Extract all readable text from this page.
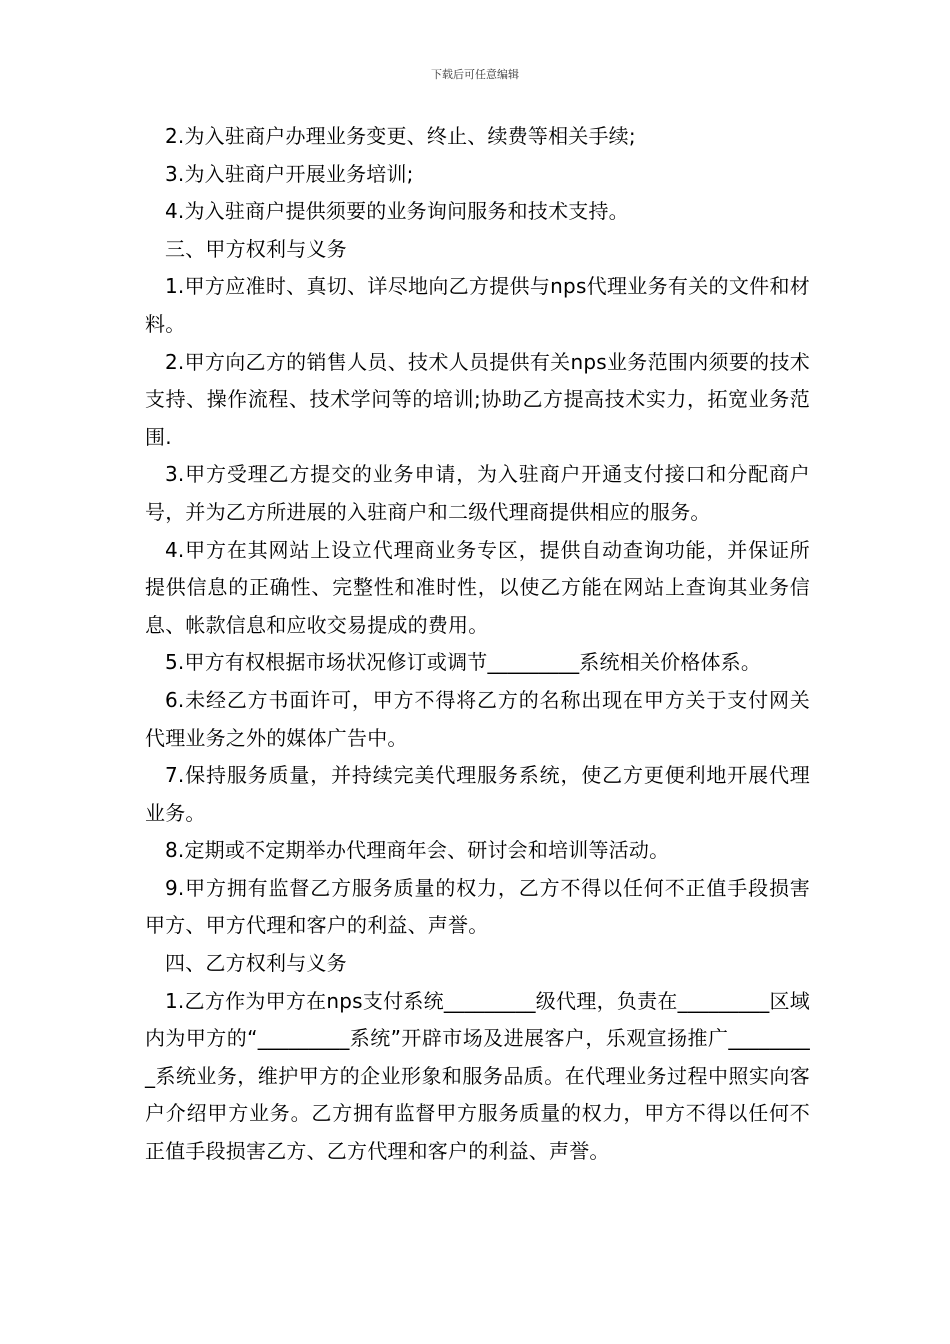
下载后可任意编辑

2.为入驻商户办理业务变更、终止、续费等相关手续;

3.为入驻商户开展业务培训;

4.为入驻商户提供须要的业务询问服务和技术支持。

三、甲方权利与义务

1.甲方应准时、真切、详尽地向乙方提供与nps代理业务有关的文件和材料。

2.甲方向乙方的销售人员、技术人员提供有关nps业务范围内须要的技术支持、操作流程、技术学问等的培训;协助乙方提高技术实力，拓宽业务范围.

3.甲方受理乙方提交的业务申请，为入驻商户开通支付接口和分配商户号，并为乙方所进展的入驻商户和二级代理商提供相应的服务。

4.甲方在其网站上设立代理商业务专区，提供自动查询功能，并保证所提供信息的正确性、完整性和准时性，以使乙方能在网站上查询其业务信息、帐款信息和应收交易提成的费用。

5.甲方有权根据市场状况修订或调节_________系统相关价格体系。

6.未经乙方书面许可，甲方不得将乙方的名称出现在甲方关于支付网关代理业务之外的媒体广告中。

7.保持服务质量，并持续完美代理服务系统，使乙方更便利地开展代理业务。

8.定期或不定期举办代理商年会、研讨会和培训等活动。

9.甲方拥有监督乙方服务质量的权力，乙方不得以任何不正值手段损害甲方、甲方代理和客户的利益、声誉。

四、乙方权利与义务

1.乙方作为甲方在nps支付系统_________级代理，负责在_________区域内为甲方的“_________系统”开辟市场及进展客户，乐观宣扬推广_________系统业务，维护甲方的企业形象和服务品质。在代理业务过程中照实向客户介绍甲方业务。乙方拥有监督甲方服务质量的权力，甲方不得以任何不正值手段损害乙方、乙方代理和客户的利益、声誉。
